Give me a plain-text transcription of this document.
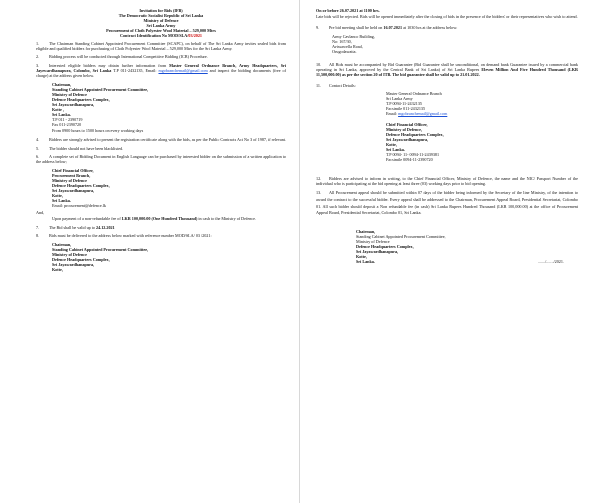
Invitation for Bids (IFB)
The Democratic Socialist Republic of Sri Lanka
Ministry of Defence
Sri Lanka Army
Procurement of Cloth Polyester Wool Material – 529,000 Mtrs
Contract Identification No MOD/SLA/03/2021

1. The Chairman Standing Cabinet Appointed Procurement Committee (SCAPC), on behalf of The Sri Lanka Army invites sealed bids from eligible and qualified bidders for purchasing of Cloth Polyester Wool Material – 529,000 Mtrs for the Sri Lanka Army.

2. Bidding process will be conducted through International Competitive Bidding (ICB) Procedure.

3. Interested eligible bidders may obtain further information from Master General Ordnance Branch, Army Headquarters, Sri Jayewardhanapura, Colombo, Sri Lanka T.P 011-2432135, Email: mgobranchemail@gmail.com and inspect the bidding documents (free of charge) at the address given below.

Chairman,
Standing Cabinet Appointed Procurement Committee,
Ministry of Defence
Defence Headquarters Complex,
Sri Jayawardhanapura,
Kotte ,
Sri Lanka.
T.P 011 - 2390719
Fax 011-2390720
From 0900 hours to 1500 hours on every working days

4. Bidders are strongly advised to present the registration certificate along with the bids, as per the Public Contracts Act No 3 of 1987, if relevant.

5. The bidder should not have been blacklisted.

6. A complete set of Bidding Document in English Language can be purchased by interested bidder on the submission of a written application to the address below;

Chief Financial Officer,
Procurement Branch,
Ministry of Defence
Defence Headquarters Complex,
Sri Jayawardhanapura,
Kotte,
Sri Lanka.
Email: procurement@defence.lk
And,

Upon payment of a non-refundable fee of LKR 100,000.00 (One Hundred Thousand) in cash to the Ministry of Defence.

7. The Bid shall be valid up to 24.12.2021

8. Bids must be delivered to the address below marked with reference number MOD/SLA/ 03 /2021:

Chairman,
Standing Cabinet Appointed Procurement Committee,
Ministry of Defence
Defence Headquarters Complex,
Sri Jayawardhanapura,
Kotte,

On or before 26.07.2021 at 1100 hrs.

Late bids will be rejected. Bids will be opened immediately after the closing of bids in the presence of the bidders' or their representatives who wish to attend.

9. Pre bid meeting shall be held on 16.07.2021 at 1030 hrs at the address below:

Army Cavlanco Building,
No: 167/30,
Avissawella Road,
Orugodawatta.

10. All Bids must be accompanied by Bid Guarantee (Bid Guarantee shall be unconditional, on demand bank Guarantee issued by a commercial bank operating in Sri Lanka, approved by the Central Bank of Sri Lanka) of Sri Lanka Rupees Eleven Million And Five Hundred Thousand (LKR 11,500,000.00) as per the section 20 of ITB. The bid guarantee shall be valid up to 21.01.2022.

11. Contact Details:

Master General Ordnance Branch
Sri Lanka Army
T.P 0094-11-2432135
Facsimile 011-2432135
Email: mgobranchemail@gmail.com
Chief Financial Officer,
Ministry of Defence,
Defence Headquarters Complex,
Sri Jayawardhanapura,
Kotte,
Sri Lanka.
T.P 0094- 11- 0094-11-2439381
Facsimile 0094-11-2390720

12. Bidders are advised to inform in writing, to the Chief Financial Officer, Ministry of Defence, the name and the NIC/ Passport Number of the individual who is participating at the bid opening at least three (03) working days prior to bid opening.

13. All Procurement appeal should be submitted within 07 days of the bidder being informed by the Secretary of the line Ministry, of the intention to award the contract to the successful bidder. Every appeal shall be addressed to the Chairman, Procurement Appeal Board, Presidential Secretariat, Colombo 01. All such bidder should deposit a Non refundable fee (in cash) Sri Lanka Rupees Hundred Thousand (LKR 100,000.00) at the office of Procurement Appeal Board, Presidential Secretariat, Colombo 01, Sri Lanka.

Chairman,
Standing Cabinet Appointed Procurement Committee,
Ministry of Defence
Defence Headquarters Complex,
Sri Jayawardhanapura,
Kotte,
Sri Lanka.	......./......./2021.
